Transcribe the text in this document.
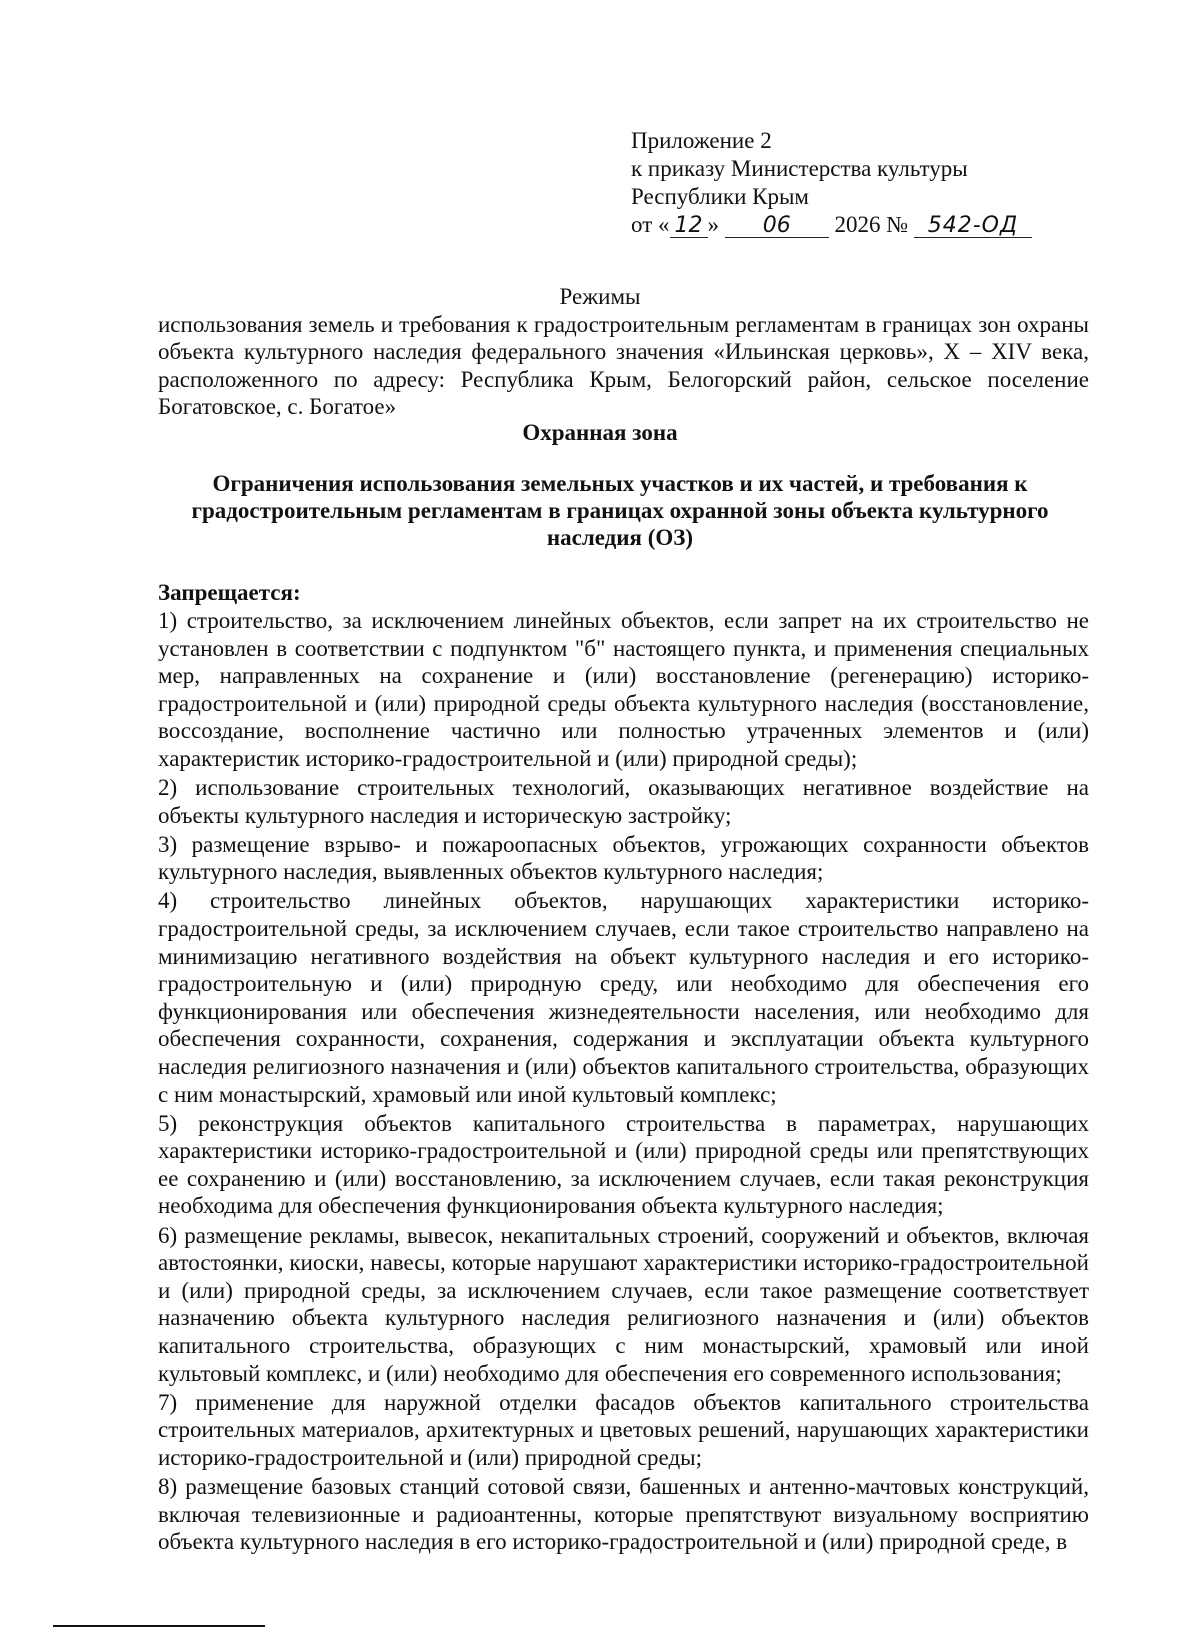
Приложение 2
к приказу Министерства культуры
Республики Крым
от « 12 » 06 2026 № 542-ОД
Режимы
использования земель и требования к градостроительным регламентам в границах зон охраны объекта культурного наследия федерального значения «Ильинская церковь», X – XIV века, расположенного по адресу: Республика Крым, Белогорский район, сельское поселение Богатовское, с. Богатое»
Охранная зона
Ограничения использования земельных участков и их частей, и требования к градостроительным регламентам в границах охранной зоны объекта культурного наследия (ОЗ)
Запрещается:

1) строительство, за исключением линейных объектов, если запрет на их строительство не установлен в соответствии с подпунктом "б" настоящего пункта, и применения специальных мер, направленных на сохранение и (или) восстановление (регенерацию) историко-градостроительной и (или) природной среды объекта культурного наследия (восстановление, воссоздание, восполнение частично или полностью утраченных элементов и (или) характеристик историко-градостроительной и (или) природной среды);

2) использование строительных технологий, оказывающих негативное воздействие на объекты культурного наследия и историческую застройку;

3) размещение взрыво- и пожароопасных объектов, угрожающих сохранности объектов культурного наследия, выявленных объектов культурного наследия;

4) строительство линейных объектов, нарушающих характеристики историко-градостроительной среды, за исключением случаев, если такое строительство направлено на минимизацию негативного воздействия на объект культурного наследия и его историко-градостроительную и (или) природную среду, или необходимо для обеспечения его функционирования или обеспечения жизнедеятельности населения, или необходимо для обеспечения сохранности, сохранения, содержания и эксплуатации объекта культурного наследия религиозного назначения и (или) объектов капитального строительства, образующих с ним монастырский, храмовый или иной культовый комплекс;

5) реконструкция объектов капитального строительства в параметрах, нарушающих характеристики историко-градостроительной и (или) природной среды или препятствующих ее сохранению и (или) восстановлению, за исключением случаев, если такая реконструкция необходима для обеспечения функционирования объекта культурного наследия;

6) размещение рекламы, вывесок, некапитальных строений, сооружений и объектов, включая автостоянки, киоски, навесы, которые нарушают характеристики историко-градостроительной и (или) природной среды, за исключением случаев, если такое размещение соответствует назначению объекта культурного наследия религиозного назначения и (или) объектов капитального строительства, образующих с ним монастырский, храмовый или иной культовый комплекс, и (или) необходимо для обеспечения его современного использования;

7) применение для наружной отделки фасадов объектов капитального строительства строительных материалов, архитектурных и цветовых решений, нарушающих характеристики историко-градостроительной и (или) природной среды;

8) размещение базовых станций сотовой связи, башенных и антенно-мачтовых конструкций, включая телевизионные и радиоантенны, которые препятствуют визуальному восприятию объекта культурного наследия в его историко-градостроительной и (или) природной среде, в
